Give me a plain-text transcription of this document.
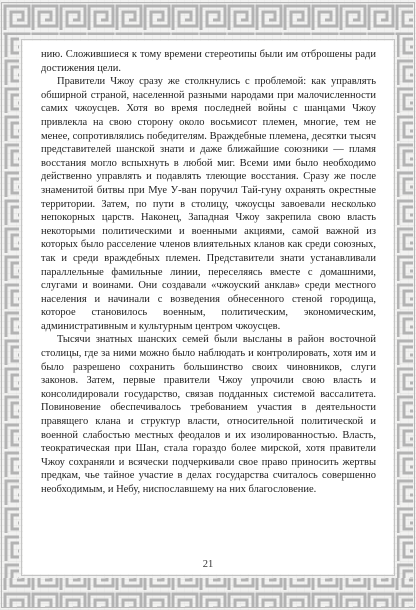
нию. Сложившиеся к тому времени стереотипы были им отброшены ради достижения цели.

Правители Чжоу сразу же столкнулись с проблемой: как управлять обширной страной, населенной разными народами при малочисленности самих чжоусцев. Хотя во время последней войны с шанцами Чжоу привлекла на свою сторону около восьмисот племен, многие, тем не менее, сопротивлялись победителям. Враждебные племена, десятки тысяч представителей шанской знати и даже ближайшие союзники — пламя восстания могло вспыхнуть в любой миг. Всеми ими было необходимо действенно управлять и подавлять тлеющие восстания. Сразу же после знаменитой битвы при Муе У-ван поручил Тай-гуну охранять окрестные территории. Затем, по пути в столицу, чжоусцы завоевали несколько непокорных царств. Наконец, Западная Чжоу закрепила свою власть некоторыми политическими и военными акциями, самой важной из которых было расселение членов влиятельных кланов как среди союзных, так и среди враждебных племен. Представители знати устанавливали параллельные фамильные линии, переселяясь вместе с домашними, слугами и воинами. Они создавали «чжоуский анклав» среди местного населения и начинали с возведения обнесенного стеной городища, которое становилось военным, политическим, экономическим, административным и культурным центром чжоусцев.

Тысячи знатных шанских семей были высланы в район восточной столицы, где за ними можно было наблюдать и контролировать, хотя им и было разрешено сохранить большинство своих чиновников, слуги законов. Затем, первые правители Чжоу упрочили свою власть и консолидировали государство, связав подданных системой вассалитета. Повиновение обеспечивалось требованием участия в деятельности правящего клана и структур власти, относительной политической и военной слабостью местных феодалов и их изолированностью. Власть, теократическая при Шан, стала гораздо более мирской, хотя правители Чжоу сохраняли и всячески подчеркивали свое право приносить жертвы предкам, чье тайное участие в делах государства считалось совершенно необходимым, и Небу, ниспославшему на них благословение.

21
